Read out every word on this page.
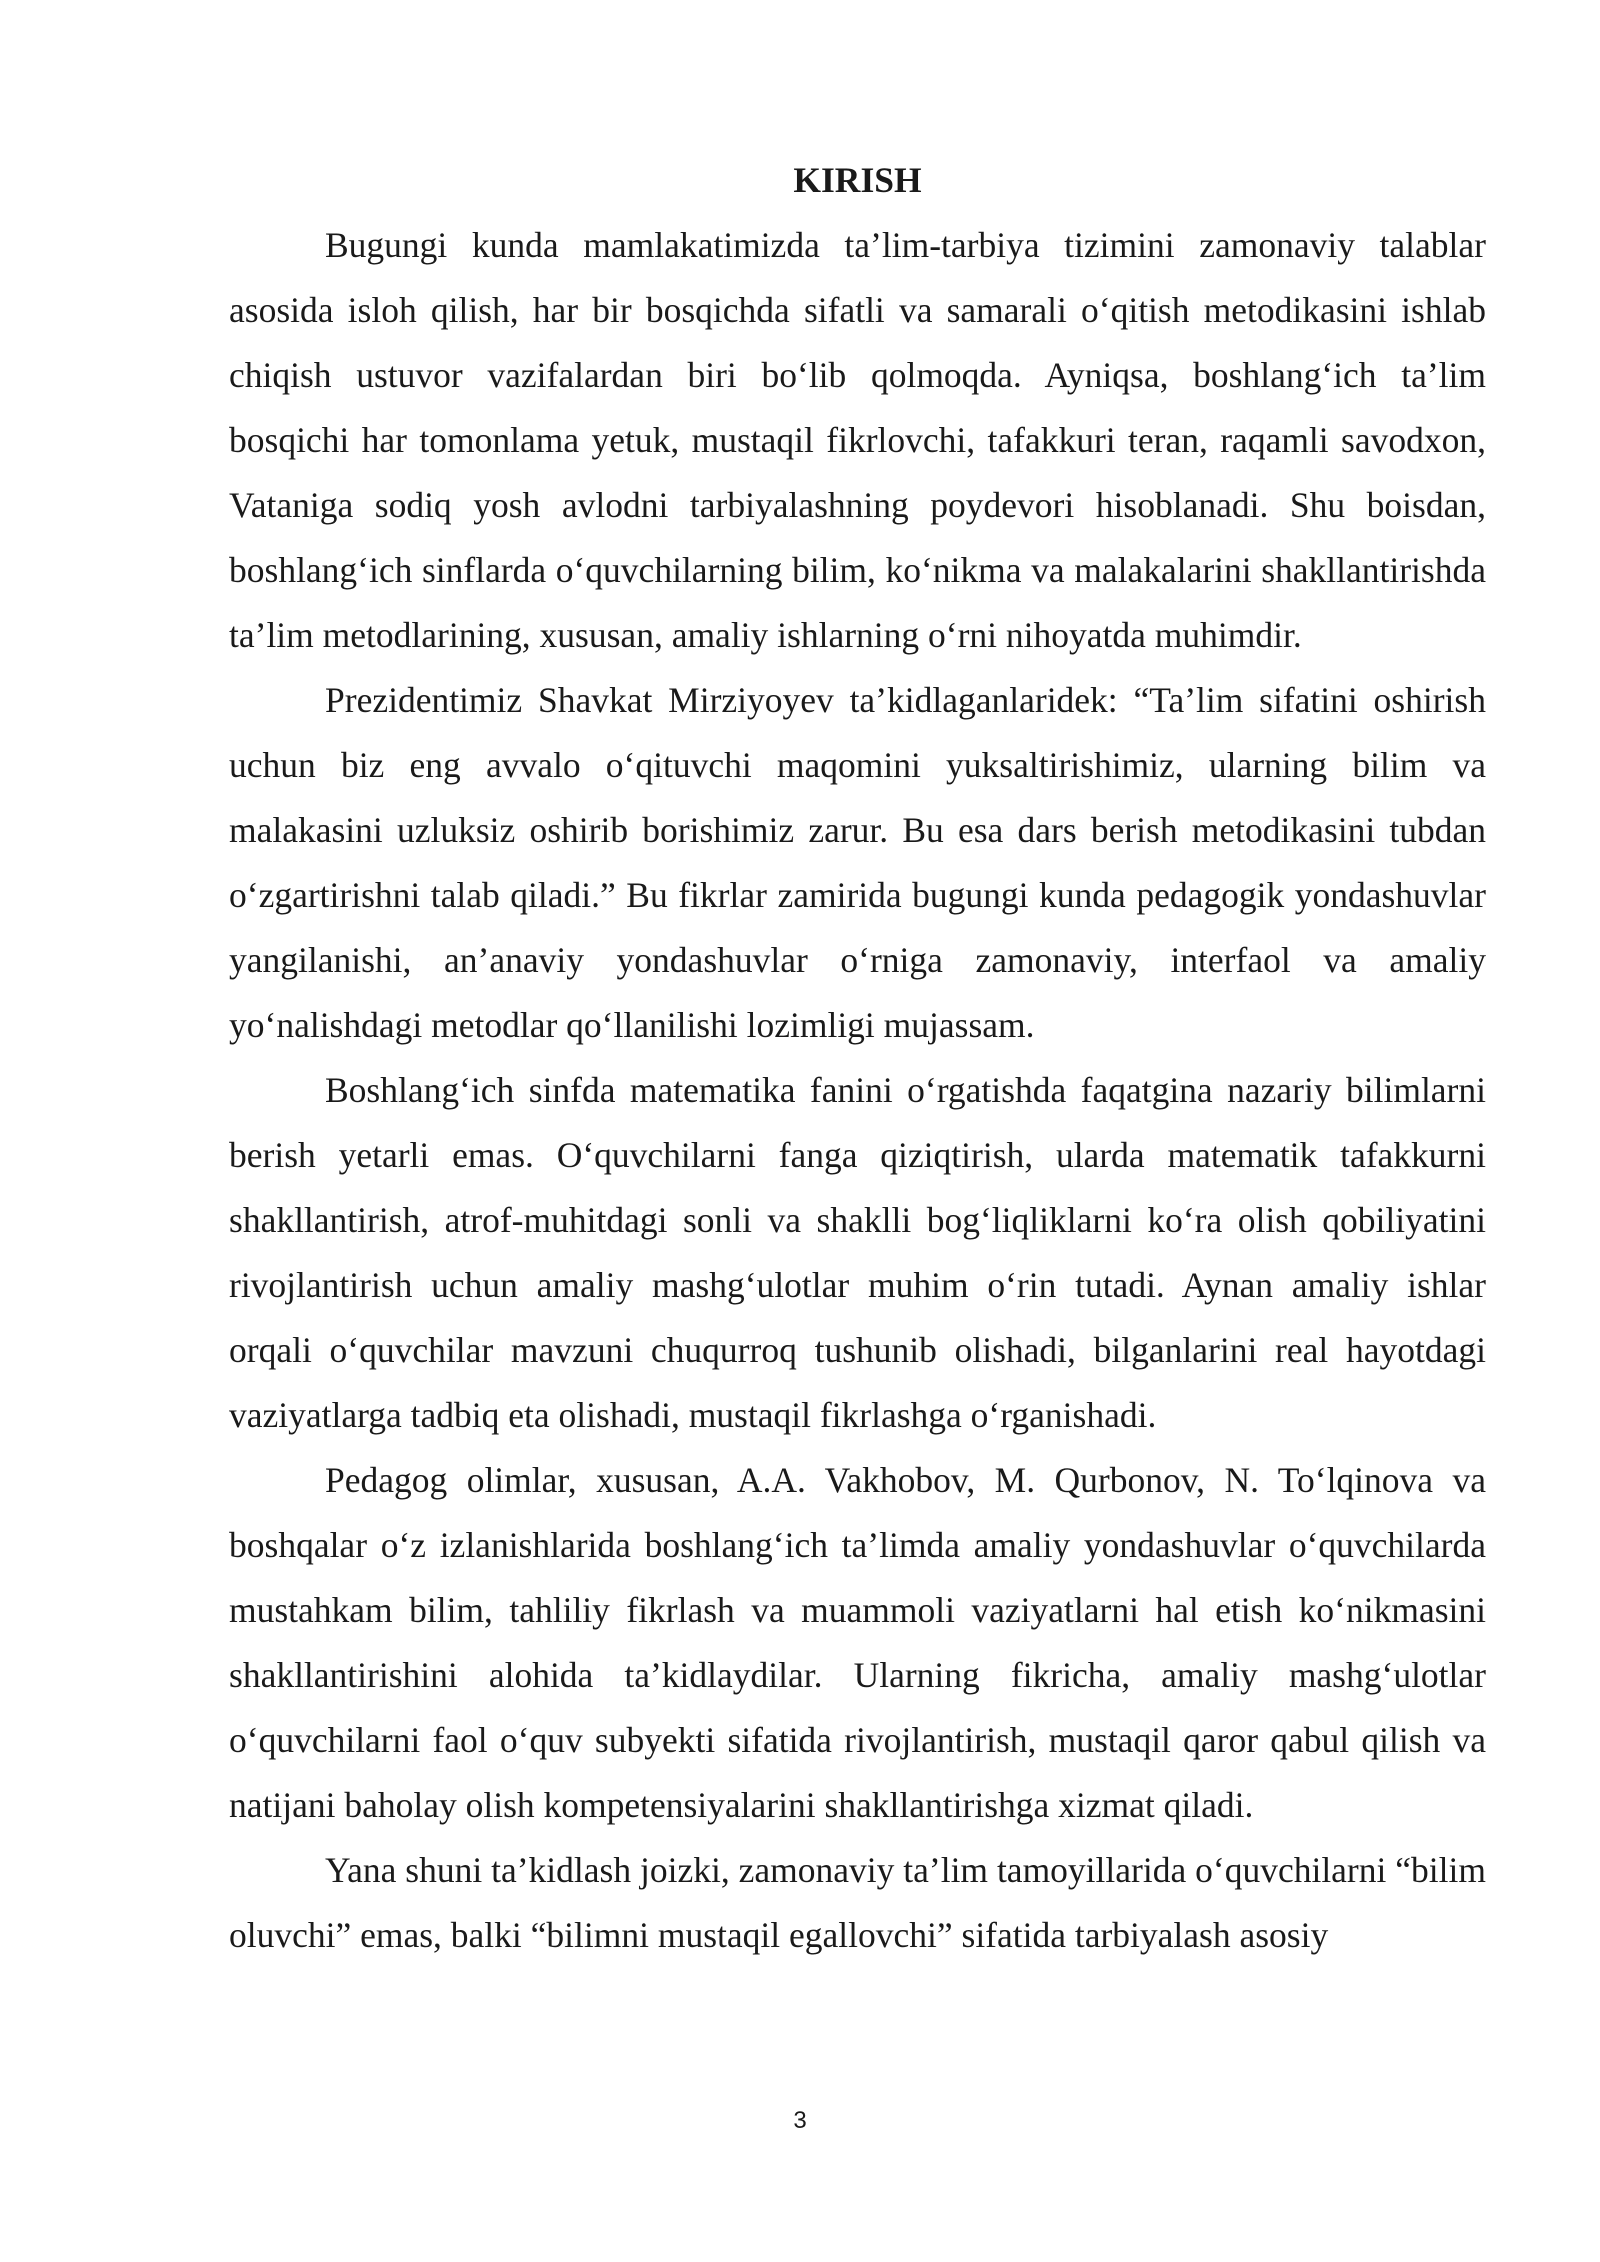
KIRISH

Bugungi kunda mamlakatimizda ta’lim-tarbiya tizimini zamonaviy talablar asosida isloh qilish, har bir bosqichda sifatli va samarali o‘qitish metodikasini ishlab chiqish ustuvor vazifalardan biri bo‘lib qolmoqda. Ayniqsa, boshlang‘ich ta’lim bosqichi har tomonlama yetuk, mustaqil fikrlovchi, tafakkuri teran, raqamli savodxon, Vataniga sodiq yosh avlodni tarbiyalashning poydevori hisoblanadi. Shu boisdan, boshlang‘ich sinflarda o‘quvchilarning bilim, ko‘nikma va malakalarini shakllantirishda ta’lim metodlarining, xususan, amaliy ishlarning o‘rni nihoyatda muhimdir.

Prezidentimiz Shavkat Mirziyoyev ta’kidlaganlaridek: “Ta’lim sifatini oshirish uchun biz eng avvalo o‘qituvchi maqomini yuksaltirishimiz, ularning bilim va malakasini uzluksiz oshirib borishimiz zarur. Bu esa dars berish metodikasini tubdan o‘zgartirishni talab qiladi.” Bu fikrlar zamirida bugungi kunda pedagogik yondashuvlar yangilanishi, an’anaviy yondashuvlar o‘rniga zamonaviy, interfaol va amaliy yo‘nalishdagi metodlar qo‘llanilishi lozimligi mujassam.

Boshlang‘ich sinfda matematika fanini o‘rgatishda faqatgina nazariy bilimlarni berish yetarli emas. O‘quvchilarni fanga qiziqtirish, ularda matematik tafakkurni shakllantirish, atrof-muhitdagi sonli va shaklli bog‘liqliklarni ko‘ra olish qobiliyatini rivojlantirish uchun amaliy mashg‘ulotlar muhim o‘rin tutadi. Aynan amaliy ishlar orqali o‘quvchilar mavzuni chuqurroq tushunib olishadi, bilganlarini real hayotdagi vaziyatlarga tadbiq eta olishadi, mustaqil fikrlashga o‘rganishadi.

Pedagog olimlar, xususan, A.A. Vakhobov, M. Qurbonov, N. To‘lqinova va boshqalar o‘z izlanishlarida boshlang‘ich ta’limda amaliy yondashuvlar o‘quvchilarda mustahkam bilim, tahliliy fikrlash va muammoli vaziyatlarni hal etish ko‘nikmasini shakllantirishini alohida ta’kidlaydilar. Ularning fikricha, amaliy mashg‘ulotlar o‘quvchilarni faol o‘quv subyekti sifatida rivojlantirish, mustaqil qaror qabul qilish va natijani baholay olish kompetensiyalarini shakllantirishga xizmat qiladi.

Yana shuni ta’kidlash joizki, zamonaviy ta’lim tamoyillarida o‘quvchilarni “bilim oluvchi” emas, balki “bilimni mustaqil egallovchi” sifatida tarbiyalash asosiy

3
